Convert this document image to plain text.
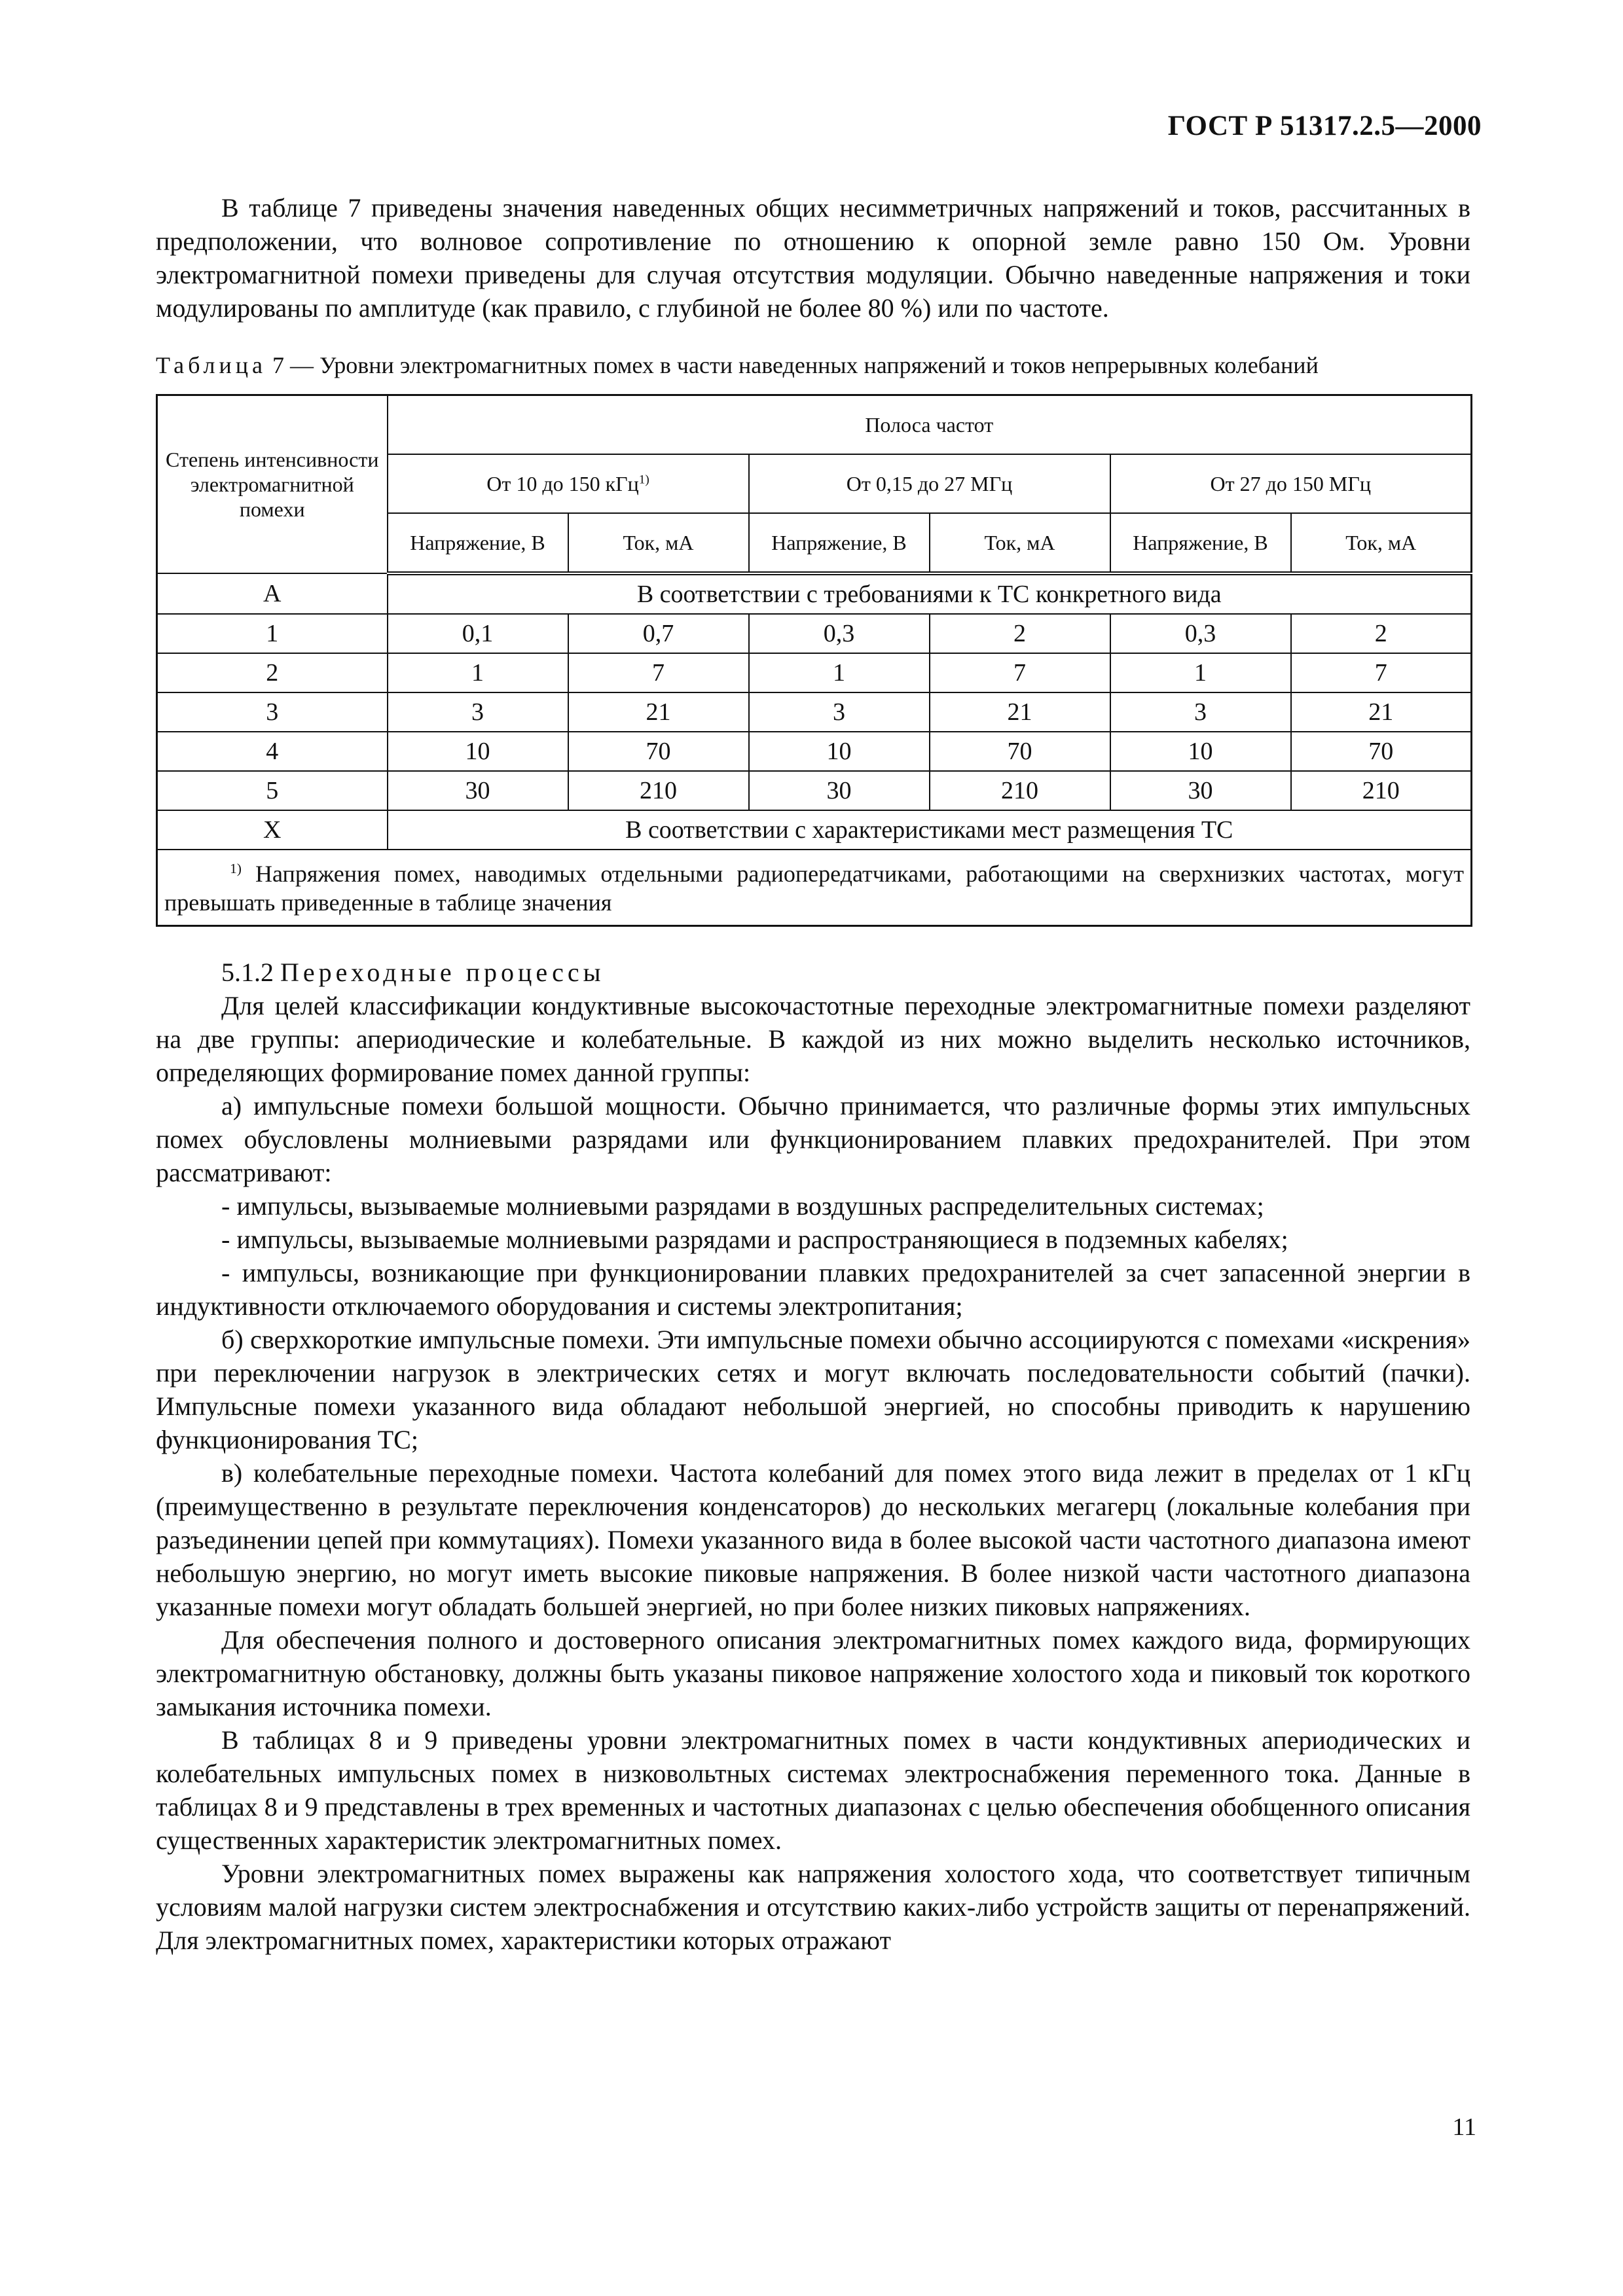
ГОСТ Р 51317.2.5—2000

В таблице 7 приведены значения наведенных общих несимметричных напряжений и токов, рассчитанных в предположении, что волновое сопротивление по отношению к опорной земле равно 150 Ом. Уровни электромагнитной помехи приведены для случая отсутствия модуляции. Обычно наведенные напряжения и токи модулированы по амплитуде (как правило, с глубиной не более 80 %) или по частоте.

Таблица 7 — Уровни электромагнитных помех в части наведенных напряжений и токов непрерывных колебаний
Степень интенсивности электромагнитной помехи	Полоса частот					
	От 10 до 150 кГц$^{1)}$		От 0,15 до 27 МГц		От 27 до 150 МГц	
	Напряжение, В	Ток, мА	Напряжение, В	Ток, мА	Напряжение, В	Ток, мА
А	В соответствии с требованиями к ТС конкретного вида					
1	0,1	0,7	0,3	2	0,3	2
2	1	7	1	7	1	7
3	3	21	3	21	3	21
4	10	70	10	70	10	70
5	30	210	30	210	30	210
X	В соответствии с характеристиками мест размещения ТС					
$^{1)}$ Напряжения помех, наводимых отдельными радиопередатчиками, работающими на сверхнизких частотах, могут превышать приведенные в таблице значения						

5.1.2 Переходные процессы

Для целей классификации кондуктивные высокочастотные переходные электромагнитные помехи разделяют на две группы: апериодические и колебательные. В каждой из них можно выделить несколько источников, определяющих формирование помех данной группы:

а) импульсные помехи большой мощности. Обычно принимается, что различные формы этих импульсных помех обусловлены молниевыми разрядами или функционированием плавких предохранителей. При этом рассматривают:

- импульсы, вызываемые молниевыми разрядами в воздушных распределительных системах;

- импульсы, вызываемые молниевыми разрядами и распространяющиеся в подземных кабелях;

- импульсы, возникающие при функционировании плавких предохранителей за счет запасенной энергии в индуктивности отключаемого оборудования и системы электропитания;

б) сверхкороткие импульсные помехи. Эти импульсные помехи обычно ассоциируются с помехами «искрения» при переключении нагрузок в электрических сетях и могут включать последовательности событий (пачки). Импульсные помехи указанного вида обладают небольшой энергией, но способны приводить к нарушению функционирования ТС;

в) колебательные переходные помехи. Частота колебаний для помех этого вида лежит в пределах от 1 кГц (преимущественно в результате переключения конденсаторов) до нескольких мегагерц (локальные колебания при разъединении цепей при коммутациях). Помехи указанного вида в более высокой части частотного диапазона имеют небольшую энергию, но могут иметь высокие пиковые напряжения. В более низкой части частотного диапазона указанные помехи могут обладать большей энергией, но при более низких пиковых напряжениях.

Для обеспечения полного и достоверного описания электромагнитных помех каждого вида, формирующих электромагнитную обстановку, должны быть указаны пиковое напряжение холостого хода и пиковый ток короткого замыкания источника помехи.

В таблицах 8 и 9 приведены уровни электромагнитных помех в части кондуктивных апериодических и колебательных импульсных помех в низковольтных системах электроснабжения переменного тока. Данные в таблицах 8 и 9 представлены в трех временных и частотных диапазонах с целью обеспечения обобщенного описания существенных характеристик электромагнитных помех.

Уровни электромагнитных помех выражены как напряжения холостого хода, что соответствует типичным условиям малой нагрузки систем электроснабжения и отсутствию каких-либо устройств защиты от перенапряжений. Для электромагнитных помех, характеристики которых отражают

11
